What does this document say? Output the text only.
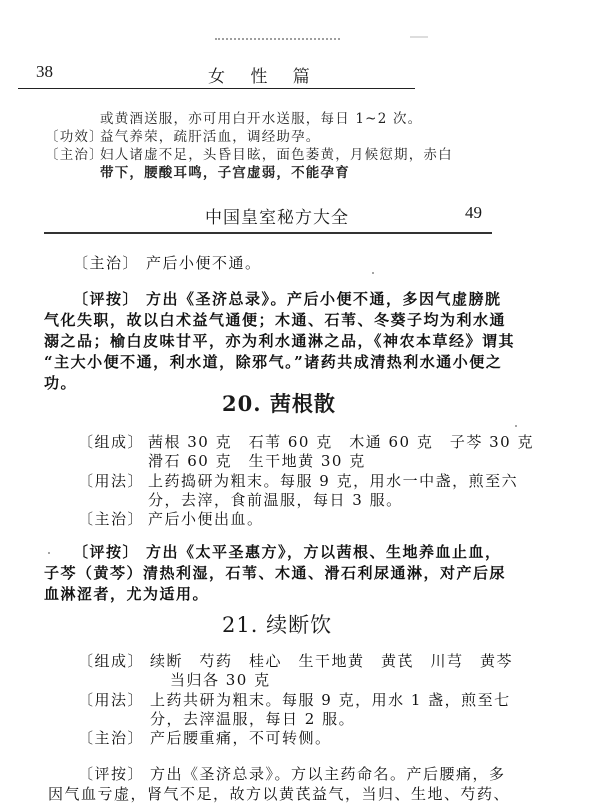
38	女 性 篇
或黄酒送服，亦可用白开水送服，每日 1~2 次。
〔功效〕
益气养荣，疏肝活血，调经助孕。
〔主治〕
妇人诸虚不足，头昏目眩，面色萎黄，月候愆期，赤白
带下，腰酸耳鸣，子宫虚弱，不能孕育
中国皇室秘方大全	49
〔主治〕 产后小便不通。
〔评按〕 方出《圣济总录》。产后小便不通，多因气虚膀胱
气化失职，故以白术益气通便；木通、石苇、冬葵子均为利水通
溺之品；榆白皮味甘平，亦为利水通淋之品，《神农本草经》谓其
“主大小便不通，利水道，除邪气。”诸药共成清热利水通小便之
功。
20. 茜根散
〔组成〕 茜根 30 克　石苇 60 克　木通 60 克　子芩 30 克
滑石 60 克　生干地黄 30 克
〔用法〕 上药捣研为粗末。每服 9 克，用水一中盏，煎至六
分，去滓，食前温服，每日 3 服。
〔主治〕 产后小便出血。
〔评按〕 方出《太平圣惠方》，方以茜根、生地养血止血，
子芩（黄芩）清热利湿，石苇、木通、滑石利尿通淋，对产后尿
血淋涩者，尤为适用。
21. 续断饮
〔组成〕 续断　芍药　桂心　生干地黄　黄芪　川芎　黄芩
当归各 30 克
〔用法〕 上药共研为粗末。每服 9 克，用水 1 盏，煎至七
分，去滓温服，每日 2 服。
〔主治〕 产后腰重痛，不可转侧。
〔评按〕 方出《圣济总录》。方以主药命名。产后腰痛，多
因气血亏虚，肾气不足，故方以黄芪益气，当归、生地、芍药、
